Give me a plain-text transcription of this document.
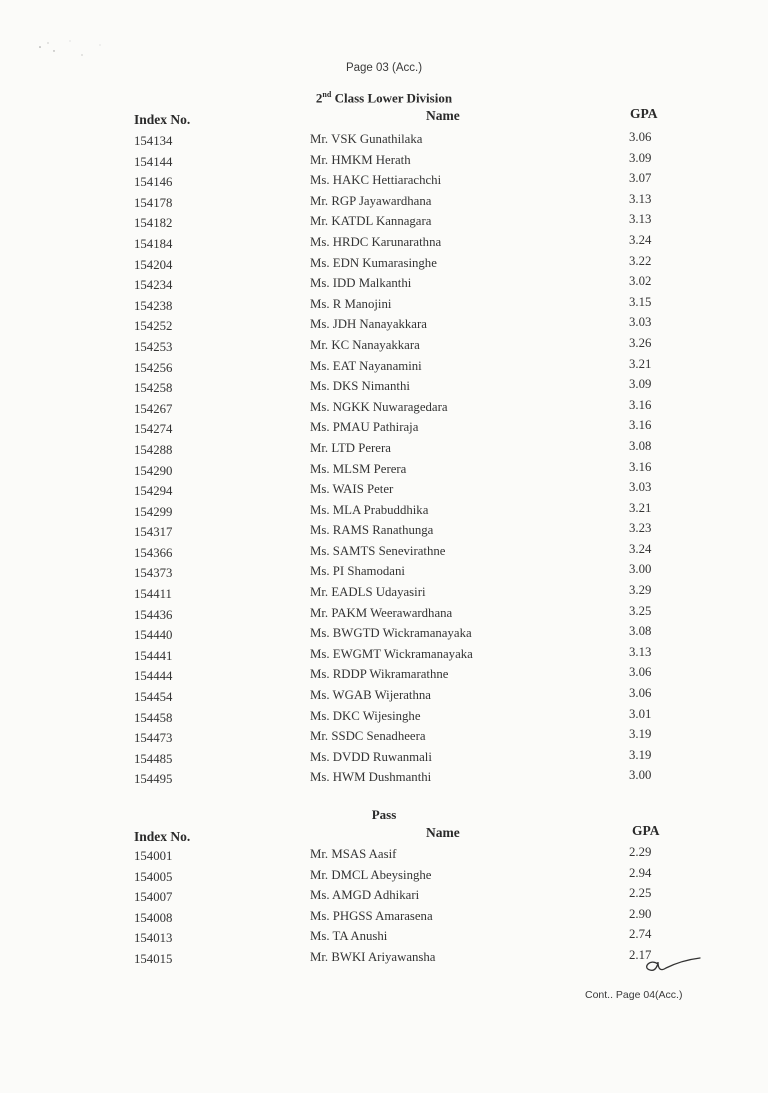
Page 03 (Acc.)
2nd Class Lower Division
Index No.	Name	GPA
154134	Mr. VSK Gunathilaka	3.06
154144	Mr. HMKM Herath	3.09
154146	Ms. HAKC Hettiarachchi	3.07
154178	Mr. RGP Jayawardhana	3.13
154182	Mr. KATDL Kannagara	3.13
154184	Ms. HRDC Karunarathna	3.24
154204	Ms. EDN Kumarasinghe	3.22
154234	Ms. IDD Malkanthi	3.02
154238	Ms. R Manojini	3.15
154252	Ms. JDH Nanayakkara	3.03
154253	Mr. KC Nanayakkara	3.26
154256	Ms. EAT Nayanamini	3.21
154258	Ms. DKS Nimanthi	3.09
154267	Ms. NGKK Nuwaragedara	3.16
154274	Ms. PMAU Pathiraja	3.16
154288	Mr. LTD Perera	3.08
154290	Ms. MLSM Perera	3.16
154294	Ms. WAIS Peter	3.03
154299	Ms. MLA Prabuddhika	3.21
154317	Ms. RAMS Ranathunga	3.23
154366	Ms. SAMTS Senevirathne	3.24
154373	Ms. PI Shamodani	3.00
154411	Mr. EADLS Udayasiri	3.29
154436	Mr. PAKM Weerawardhana	3.25
154440	Ms. BWGTD Wickramanayaka	3.08
154441	Ms. EWGMT Wickramanayaka	3.13
154444	Ms. RDDP Wikramarathne	3.06
154454	Ms. WGAB Wijerathna	3.06
154458	Ms. DKC Wijesinghe	3.01
154473	Mr. SSDC Senadheera	3.19
154485	Ms. DVDD Ruwanmali	3.19
154495	Ms. HWM Dushmanthi	3.00
Pass
Index No.	Name	GPA
154001	Mr. MSAS Aasif	2.29
154005	Mr. DMCL Abeysinghe	2.94
154007	Ms. AMGD Adhikari	2.25
154008	Ms. PHGSS Amarasena	2.90
154013	Ms. TA Anushi	2.74
154015	Mr. BWKI Ariyawansha	2.17
Cont.. Page 04(Acc.)
